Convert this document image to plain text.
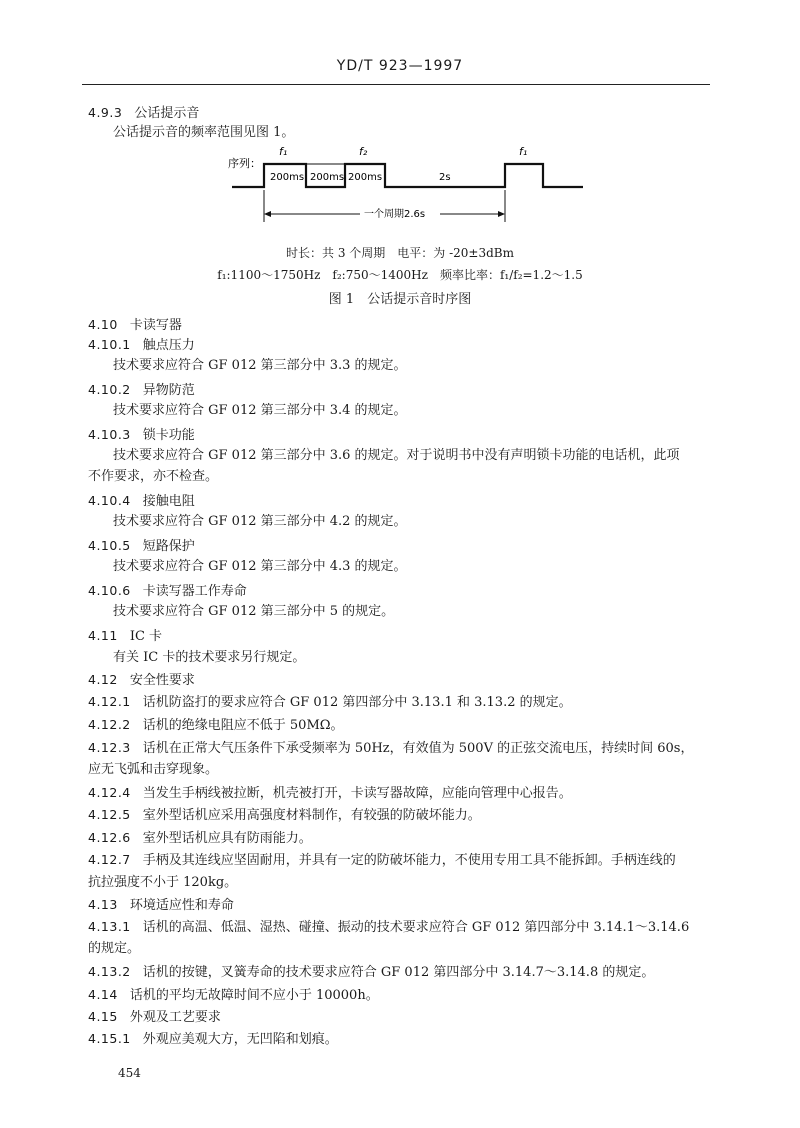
YD/T 923—1997
4.9.3 公话提示音
公话提示音的频率范围见图 1。
序列：
f₁	f₂	f₁
200ms 200ms 200ms	2s
一个周期2.6s
时长：共 3 个周期　电平：为 -20±3dBm
f₁:1100～1750Hz　f₂:750～1400Hz　频率比率：f₁/f₂=1.2～1.5
图 1　公话提示音时序图
4.10 卡读写器
4.10.1 触点压力
技术要求应符合 GF 012 第三部分中 3.3 的规定。
4.10.2 异物防范
技术要求应符合 GF 012 第三部分中 3.4 的规定。
4.10.3 锁卡功能
技术要求应符合 GF 012 第三部分中 3.6 的规定。对于说明书中没有声明锁卡功能的电话机，此项
不作要求，亦不检查。
4.10.4 接触电阻
技术要求应符合 GF 012 第三部分中 4.2 的规定。
4.10.5 短路保护
技术要求应符合 GF 012 第三部分中 4.3 的规定。
4.10.6 卡读写器工作寿命
技术要求应符合 GF 012 第三部分中 5 的规定。
4.11 IC 卡
有关 IC 卡的技术要求另行规定。
4.12 安全性要求
4.12.1 话机防盗打的要求应符合 GF 012 第四部分中 3.13.1 和 3.13.2 的规定。
4.12.2 话机的绝缘电阻应不低于 50MΩ。
4.12.3 话机在正常大气压条件下承受频率为 50Hz，有效值为 500V 的正弦交流电压，持续时间 60s，
应无飞弧和击穿现象。
4.12.4 当发生手柄线被拉断，机壳被打开，卡读写器故障，应能向管理中心报告。
4.12.5 室外型话机应采用高强度材料制作，有较强的防破坏能力。
4.12.6 室外型话机应具有防雨能力。
4.12.7 手柄及其连线应坚固耐用，并具有一定的防破坏能力，不使用专用工具不能拆卸。手柄连线的
抗拉强度不小于 120kg。
4.13 环境适应性和寿命
4.13.1 话机的高温、低温、湿热、碰撞、振动的技术要求应符合 GF 012 第四部分中 3.14.1～3.14.6
的规定。
4.13.2 话机的按键，叉簧寿命的技术要求应符合 GF 012 第四部分中 3.14.7～3.14.8 的规定。
4.14 话机的平均无故障时间不应小于 10000h。
4.15 外观及工艺要求
4.15.1 外观应美观大方，无凹陷和划痕。
454
